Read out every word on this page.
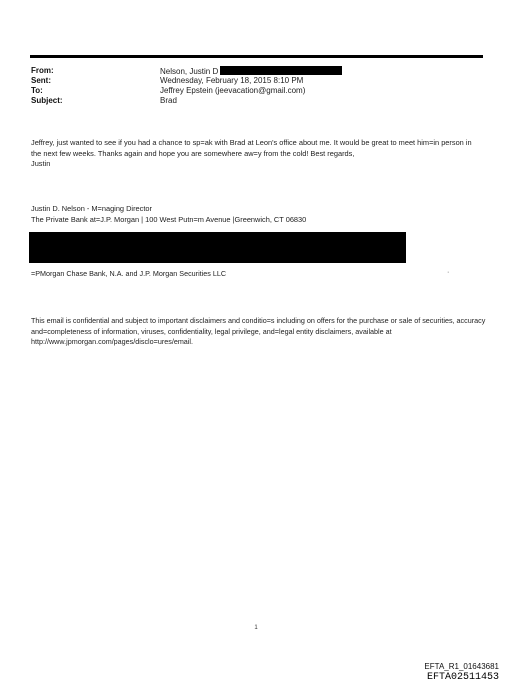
From:	Nelson, Justin D
Sent:	Wednesday, February 18, 2015 8:10 PM
To:	Jeffrey Epstein (jeevacation@gmail.com)
Subject:	Brad
Jeffrey, just wanted to see if you had a chance to sp=ak with Brad at Leon's office about me. It would be great to meet him=in person in the next few weeks. Thanks again and hope you are somewhere aw=y from the cold! Best regards,
Justin
Justin D. Nelson - M=naging Director
The Private Bank at=J.P. Morgan | 100 West Putn=m Avenue |Greenwich, CT 06830
=PMorgan Chase Bank, N.A. and J.P. Morgan Securities LLC	·
This email is confidential and subject to important disclaimers and conditio=s including on offers for the purchase or sale of securities, accuracy and=completeness of information, viruses, confidentiality, legal privilege, and=legal entity disclaimers, available at http://www.jpmorgan.com/pages/disclo=ures/email.
1
EFTA_R1_01643681
EFTA02511453
